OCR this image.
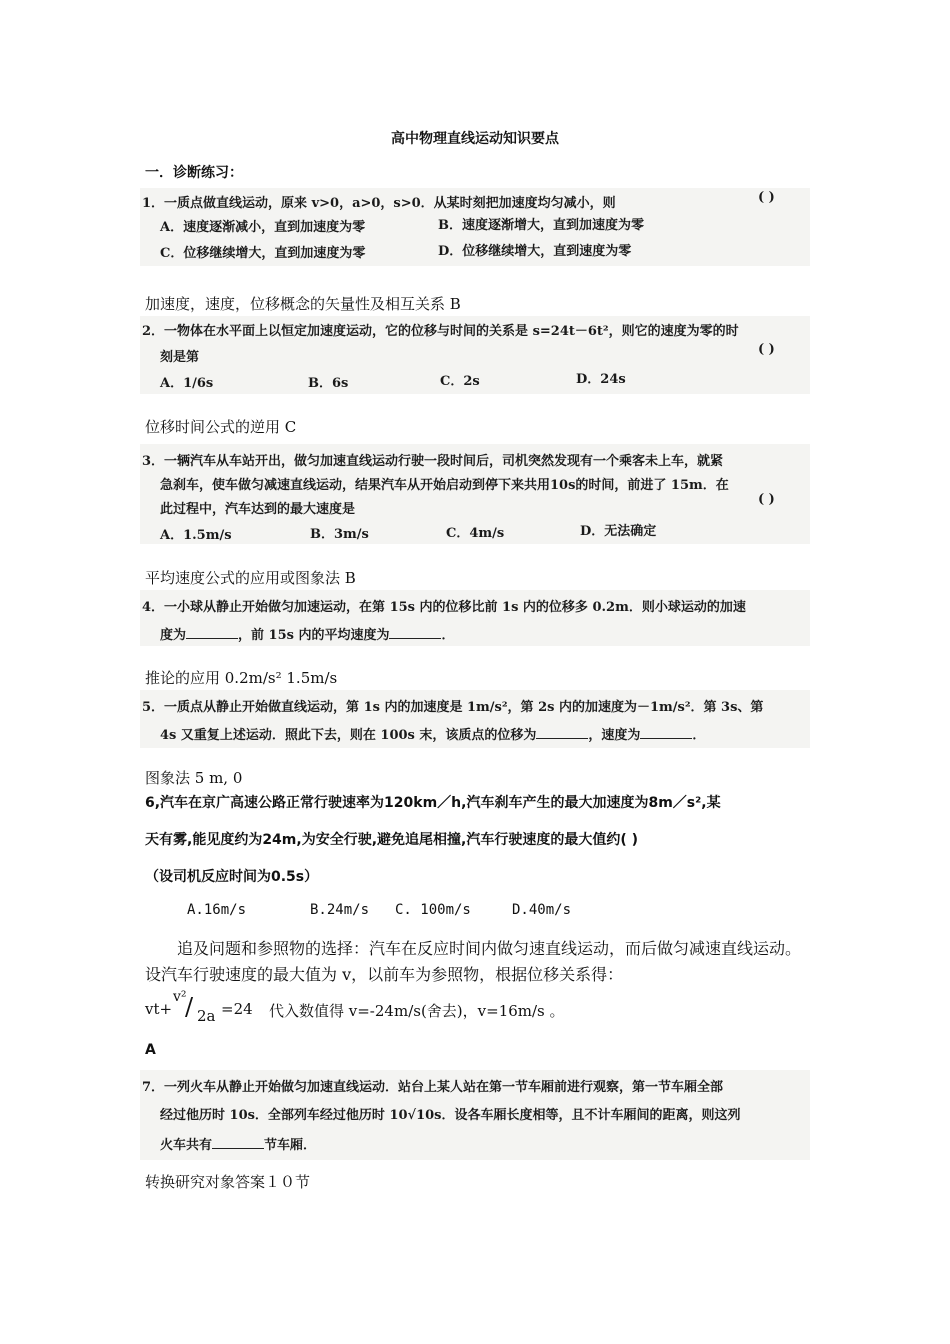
高中物理直线运动知识要点
一．诊断练习：
1．一质点做直线运动，原来 v>0，a>0，s>0．从某时刻把加速度均匀减小，则	( )
A．速度逐渐减小，直到加速度为零	B．速度逐渐增大，直到加速度为零
C．位移继续增大，直到加速度为零	D．位移继续增大，直到速度为零
加速度，速度，位移概念的矢量性及相互关系 B
2．一物体在水平面上以恒定加速度运动，它的位移与时间的关系是 s=24t－6t²，则它的速度为零的时
刻是第
( )
A．1/6s	B．6s	C．2s	D．24s
位移时间公式的逆用 C
3．一辆汽车从车站开出，做匀加速直线运动行驶一段时间后，司机突然发现有一个乘客未上车，就紧
急刹车，使车做匀减速直线运动，结果汽车从开始启动到停下来共用10s的时间，前进了 15m．在
此过程中，汽车达到的最大速度是
( )
A．1.5m/s	B．3m/s	C．4m/s	D．无法确定
平均速度公式的应用或图象法 B
4．一小球从静止开始做匀加速运动，在第 15s 内的位移比前 1s 内的位移多 0.2m．则小球运动的加速
度为	，前 15s 内的平均速度为	．
推论的应用 0.2m/s² 1.5m/s
5．一质点从静止开始做直线运动，第 1s 内的加速度是 1m/s²，第 2s 内的加速度为－1m/s²．第 3s、第
4s 又重复上述运动．照此下去，则在 100s 末，该质点的位移为	，速度为	．
图象法 5 m, 0
6,汽车在京广高速公路正常行驶速率为120km／h,汽车刹车产生的最大加速度为8m／s²,某
天有雾,能见度约为24m,为安全行驶,避免追尾相撞,汽车行驶速度的最大值约( )
（设司机反应时间为0.5s）
A.16m/s	B.24m/s C. 100m/s	D.40m/s
追及问题和参照物的选择：汽车在反应时间内做匀速直线运动，而后做匀减速直线运动。设汽车行驶速度的最大值为 v，以前车为参照物，根据位移关系得：
vt+
v²
/ 2a =24 代入数值得 v=-24m/s(舍去)，v=16m/s 。
A
7．一列火车从静止开始做匀加速直线运动．站台上某人站在第一节车厢前进行观察，第一节车厢全部
经过他历时 10s．全部列车经过他历时 10√10s．设各车厢长度相等，且不计车厢间的距离，则这列
火车共有	节车厢．
转换研究对象答案１０节
